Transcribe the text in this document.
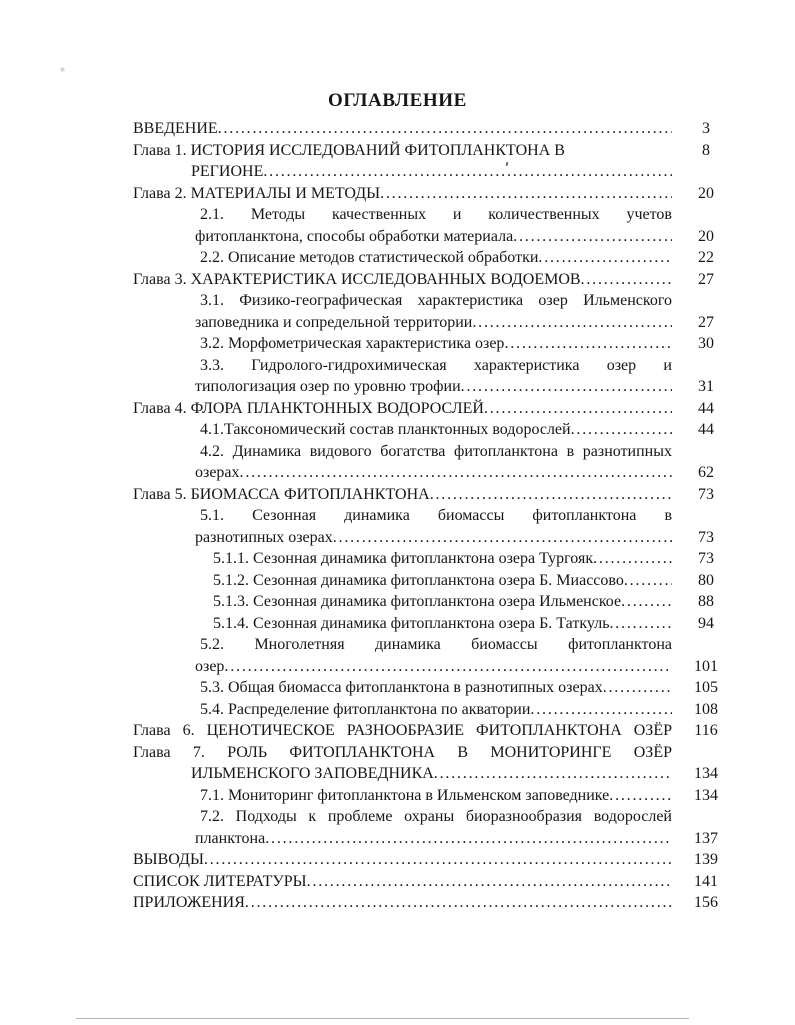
ОГЛАВЛЕНИЕ
ВВЕДЕНИЕ .....	3
Глава 1. ИСТОРИЯ ИССЛЕДОВАНИЙ ФИТОПЛАНКТОНА В	8
РЕГИОНЕ
.....
Глава 2. МАТЕРИАЛЫ И МЕТОДЫ .....	20
2.1. Методы качественных и количественных учетов
фитопланктона, способы обработки материала .....	20
2.2. Описание методов статистической обработки .....	22
Глава 3. ХАРАКТЕРИСТИКА ИССЛЕДОВАННЫХ ВОДОЕМОВ .....	27
3.1. Физико-географическая характеристика озер Ильменского
заповедника и сопредельной территории .....	27
3.2. Морфометрическая характеристика озер .....	30
3.3. Гидролого-гидрохимическая характеристика озер и
типологизация озер по уровню трофии .....	31
Глава 4. ФЛОРА ПЛАНКТОННЫХ ВОДОРОСЛЕЙ .....	44
4.1.Таксономический состав планктонных водорослей .....	44
4.2. Динамика видового богатства фитопланктона в разнотипных
озерах .....	62
Глава 5. БИОМАССА ФИТОПЛАНКТОНА .....	73
5.1. Сезонная динамика биомассы фитопланктона в
разнотипных озерах .....	73
5.1.1. Сезонная динамика фитопланктона озера Тургояк .....	73
5.1.2. Сезонная динамика фитопланктона озера Б. Миассово .....	80
5.1.3. Сезонная динамика фитопланктона озера Ильменское .....	88
5.1.4. Сезонная динамика фитопланктона озера Б. Таткуль .....	94
5.2. Многолетняя динамика биомассы фитопланктона
озер .....	101
5.3. Общая биомасса фитопланктона в разнотипных озерах .....	105
5.4. Распределение фитопланктона по акватории .....	108
Глава 6. ЦЕНОТИЧЕСКОЕ РАЗНООБРАЗИЕ ФИТОПЛАНКТОНА ОЗЁР	116
Глава 7. РОЛЬ ФИТОПЛАНКТОНА В МОНИТОРИНГЕ ОЗЁР
ИЛЬМЕНСКОГО ЗАПОВЕДНИКА .....	134
7.1. Мониторинг фитопланктона в Ильменском заповеднике .....	134
7.2. Подходы к проблеме охраны биоразнообразия водорослей
планктона .....	137
ВЫВОДЫ .....	139
СПИСОК ЛИТЕРАТУРЫ .....	141
ПРИЛОЖЕНИЯ .....	156
